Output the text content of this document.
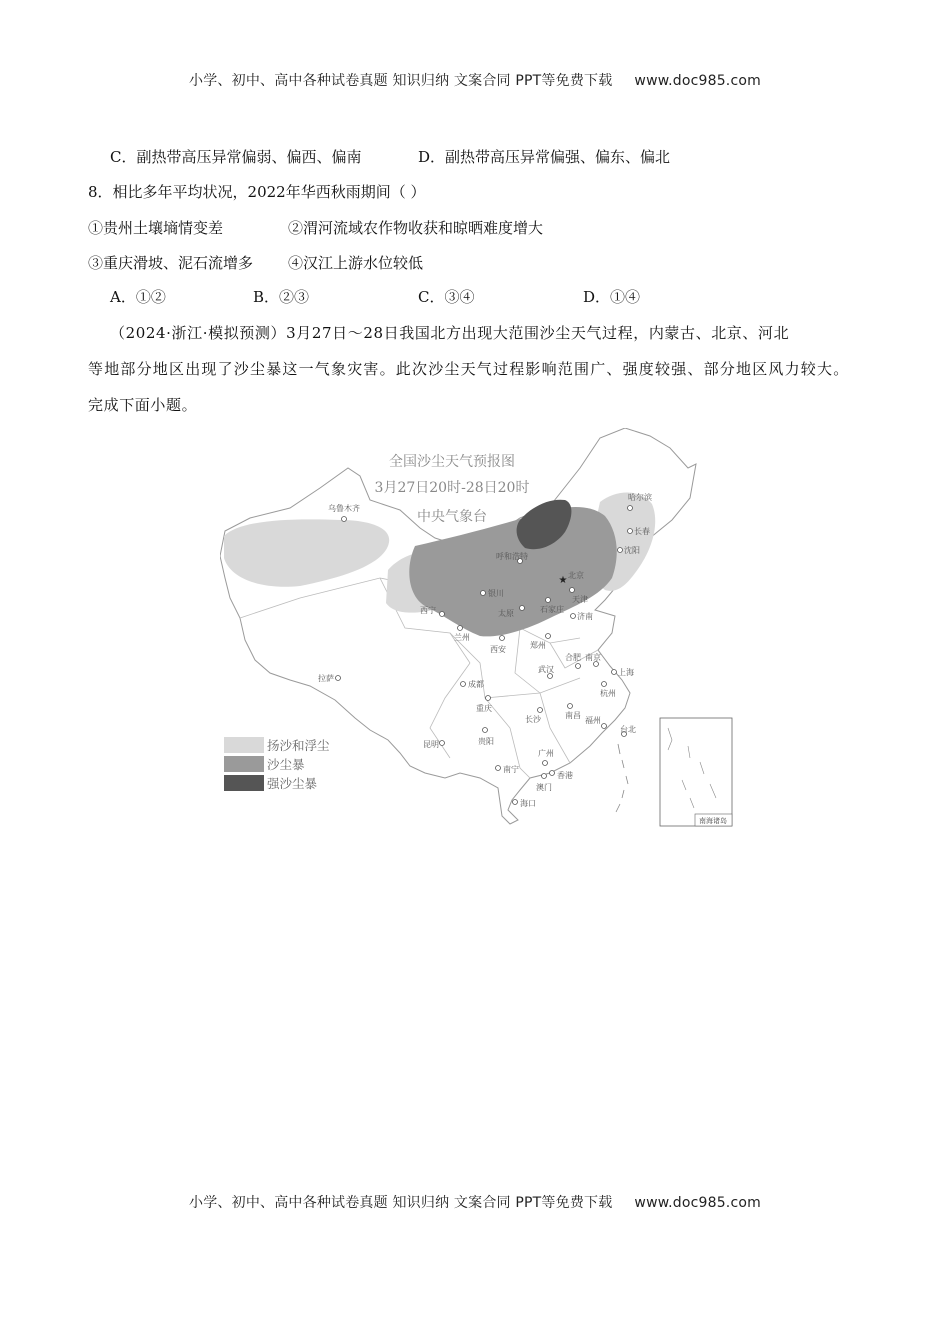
小学、初中、高中各种试卷真题 知识归纳 文案合同 PPT等免费下载 www.doc985.com
C．副热带高压异常偏弱、偏西、偏南	D．副热带高压异常偏强、偏东、偏北
8．相比多年平均状况，2022年华西秋雨期间（ ）
①贵州土壤墒情变差	②渭河流域农作物收获和晾晒难度增大
③重庆滑坡、泥石流增多 ④汉江上游水位较低
A．①②	B．②③	C．③④	D．①④
（2024·浙江·模拟预测）3月27日～28日我国北方出现大范围沙尘天气过程，内蒙古、北京、河北
等地部分地区出现了沙尘暴这一气象灾害。此次沙尘天气过程影响范围广、强度较强、部分地区风力较大。
完成下面小题。
全国沙尘天气预报图
3月27日20时-28日20时
中央气象台
乌鲁木齐
哈尔滨
长春
沈阳
呼和浩特
★ 北京
天津
银川
西宁
兰州
太原	石家庄
济南
西安	郑州
合肥 南京
上海
杭州
武汉
成都
重庆
拉萨
长沙	南昌
福州
台北
贵阳
昆明
南宁
广州
香港
澳门
海口
南海诸岛
扬沙和浮尘
沙尘暴
强沙尘暴
小学、初中、高中各种试卷真题 知识归纳 文案合同 PPT等免费下载 www.doc985.com
